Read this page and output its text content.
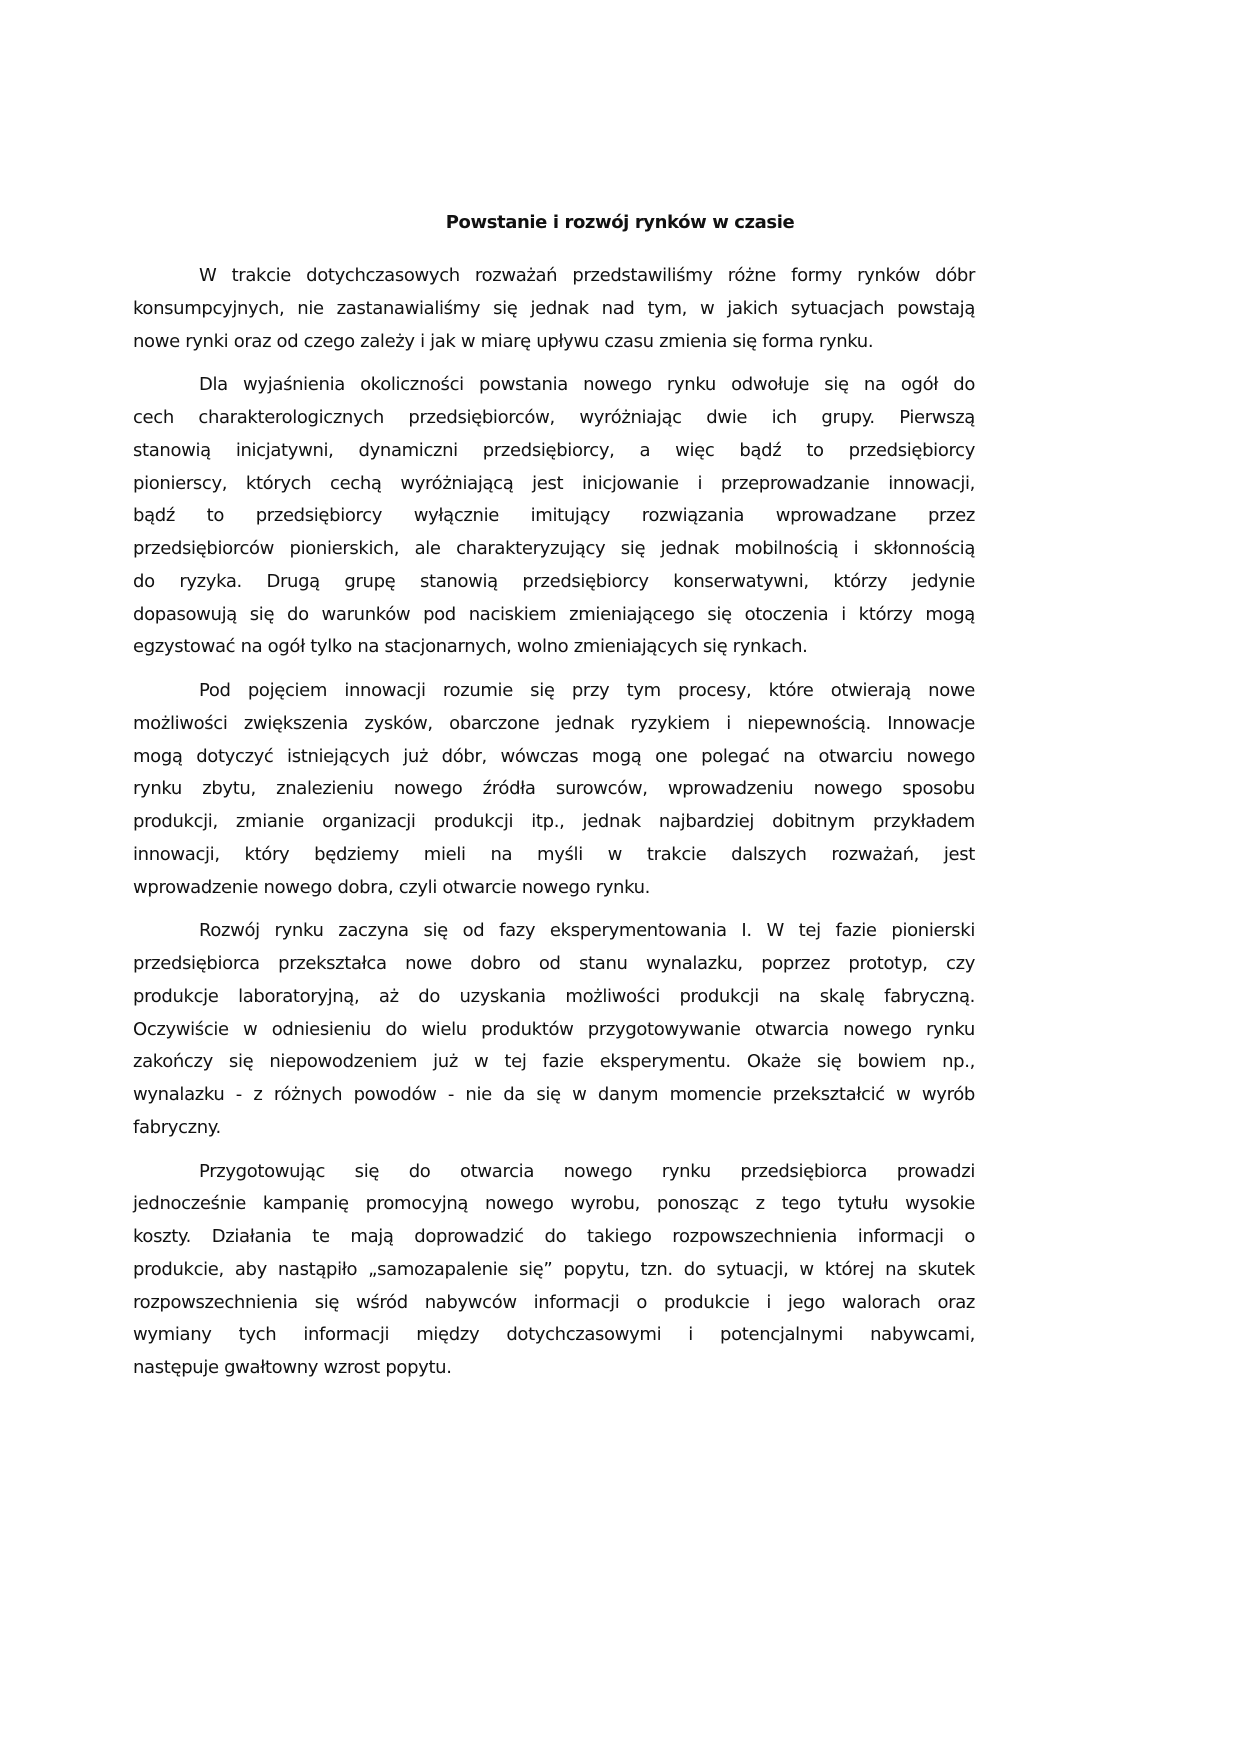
Powstanie i rozwój rynków w czasie
W trakcie dotychczasowych rozważań przedstawiliśmy różne formy rynków dóbr
konsumpcyjnych, nie zastanawialiśmy się jednak nad tym, w jakich sytuacjach powstają
nowe rynki oraz od czego zależy i jak w miarę upływu czasu zmienia się forma rynku.
Dla wyjaśnienia okoliczności powstania nowego rynku odwołuje się na ogół do
cech charakterologicznych przedsiębiorców, wyróżniając dwie ich grupy. Pierwszą
stanowią inicjatywni, dynamiczni przedsiębiorcy, a więc bądź to przedsiębiorcy
pionierscy, których cechą wyróżniającą jest inicjowanie i przeprowadzanie innowacji,
bądź to przedsiębiorcy wyłącznie imitujący rozwiązania wprowadzane przez
przedsiębiorców pionierskich, ale charakteryzujący się jednak mobilnością i skłonnością
do ryzyka. Drugą grupę stanowią przedsiębiorcy konserwatywni, którzy jedynie
dopasowują się do warunków pod naciskiem zmieniającego się otoczenia i którzy mogą
egzystować na ogół tylko na stacjonarnych, wolno zmieniających się rynkach.
Pod pojęciem innowacji rozumie się przy tym procesy, które otwierają nowe
możliwości zwiększenia zysków, obarczone jednak ryzykiem i niepewnością. Innowacje
mogą dotyczyć istniejących już dóbr, wówczas mogą one polegać na otwarciu nowego
rynku zbytu, znalezieniu nowego źródła surowców, wprowadzeniu nowego sposobu
produkcji, zmianie organizacji produkcji itp., jednak najbardziej dobitnym przykładem
innowacji, który będziemy mieli na myśli w trakcie dalszych rozważań, jest
wprowadzenie nowego dobra, czyli otwarcie nowego rynku.
Rozwój rynku zaczyna się od fazy eksperymentowania I. W tej fazie pionierski
przedsiębiorca przekształca nowe dobro od stanu wynalazku, poprzez prototyp, czy
produkcje laboratoryjną, aż do uzyskania możliwości produkcji na skalę fabryczną.
Oczywiście w odniesieniu do wielu produktów przygotowywanie otwarcia nowego rynku
zakończy się niepowodzeniem już w tej fazie eksperymentu. Okaże się bowiem np.,
wynalazku - z różnych powodów - nie da się w danym momencie przekształcić w wyrób
fabryczny.
Przygotowując się do otwarcia nowego rynku przedsiębiorca prowadzi
jednocześnie kampanię promocyjną nowego wyrobu, ponosząc z tego tytułu wysokie
koszty. Działania te mają doprowadzić do takiego rozpowszechnienia informacji o
produkcie, aby nastąpiło „samozapalenie się” popytu, tzn. do sytuacji, w której na skutek
rozpowszechnienia się wśród nabywców informacji o produkcie i jego walorach oraz
wymiany tych informacji między dotychczasowymi i potencjalnymi nabywcami,
następuje gwałtowny wzrost popytu.
